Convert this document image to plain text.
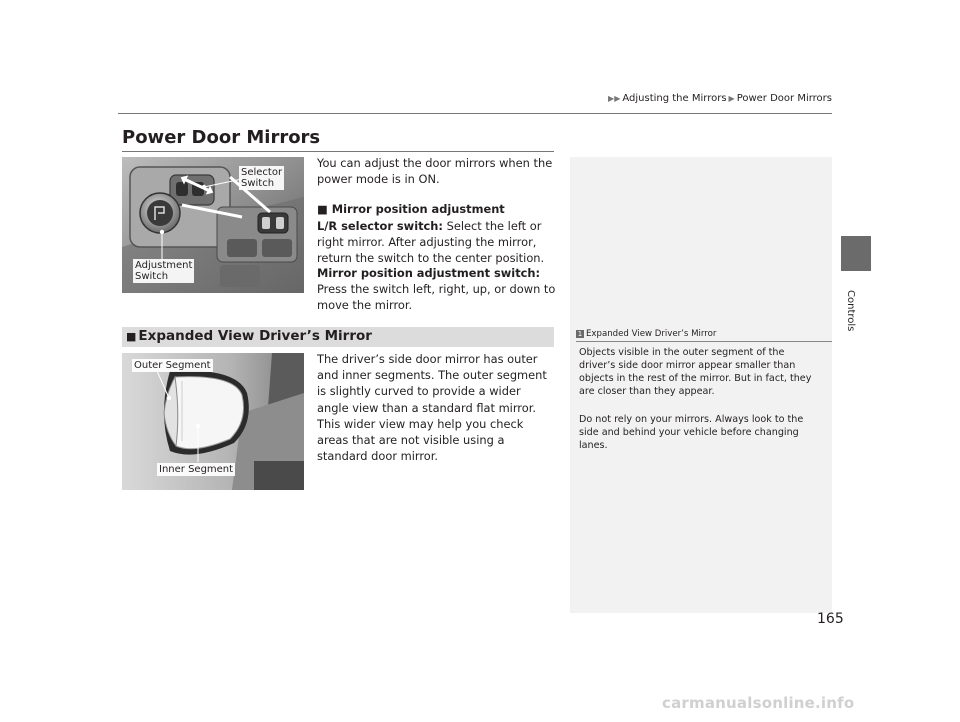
▶▶ Adjusting the Mirrors ▶ Power Door Mirrors
Controls
Power Door Mirrors
Selector
Switch
Adjustment
Switch
You can adjust the door mirrors when the power mode is in ON.
■ Mirror position adjustment
L/R selector switch: Select the left or right mirror. After adjusting the mirror, return the switch to the center position.
Mirror position adjustment switch: Press the switch left, right, up, or down to move the mirror.
■ Expanded View Driver’s Mirror
Outer Segment
Inner Segment
The driver’s side door mirror has outer and inner segments. The outer segment is slightly curved to provide a wider angle view than a standard flat mirror. This wider view may help you check areas that are not visible using a standard door mirror.
1 Expanded View Driver’s Mirror
Objects visible in the outer segment of the driver’s side door mirror appear smaller than objects in the rest of the mirror. But in fact, they are closer than they appear.
Do not rely on your mirrors. Always look to the side and behind your vehicle before changing lanes.
165
carmanualsonline.info
